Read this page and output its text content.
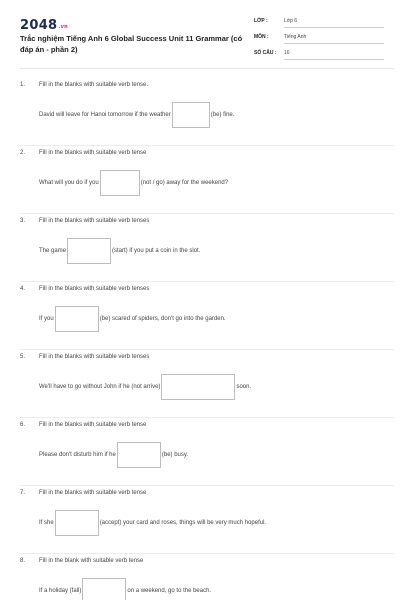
2048.vn
Trắc nghiệm Tiếng Anh 6 Global Success Unit 11 Grammar (có đáp án - phần 2)
LỚP :	Lớp 6
MÔN :	Tiếng Anh
SỐ CÂU : 16
1. Fill in the blanks with suitable verb tense.
David will leave for Hanoi tomorrow if the weather	(be) fine.
2. Fill in the blanks with suitable verb tense
What will you do if you	(not / go) away for the weekend?
3. Fill in the blanks with suitable verb tenses
The game	(start) if you put a coin in the slot.
4. Fill in the blanks with suitable verb tenses
If you	(be) scared of spiders, don't go into the garden.
5. Fill in the blanks with suitable verb tenses
We'll have to go without John if he (not arrive)	soon.
6. Fill in the blanks with suitable verb tense
Please don't disturb him if he	(be) busy.
7. Fill in the blanks with suitable verb tense
If she	(accept) your card and roses, things will be very much hopeful.
8. Fill in the blank with suitable verb tense
If a holiday (fall)	on a weekend, go to the beach.
